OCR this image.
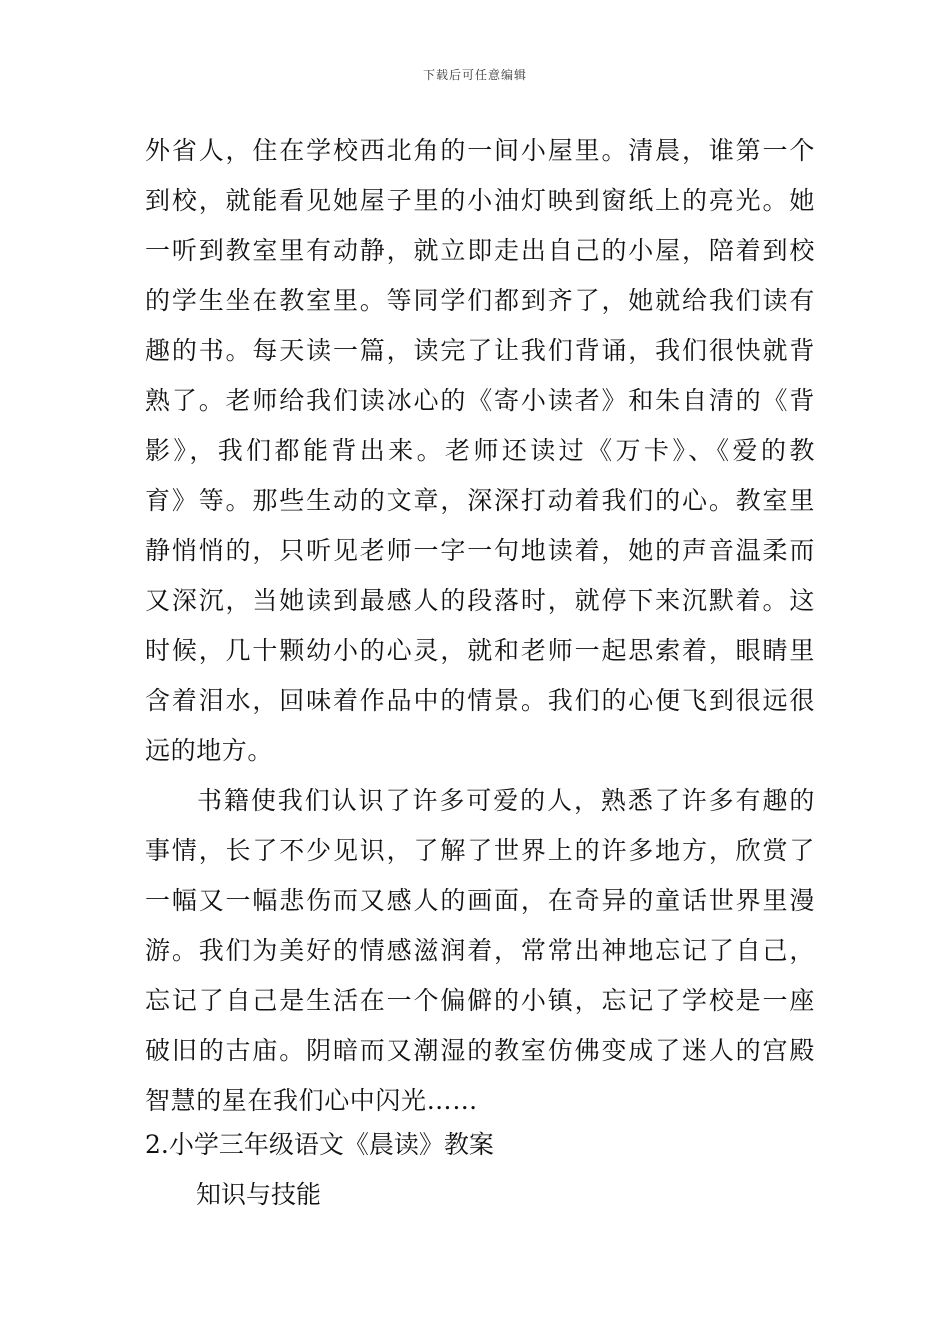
下载后可任意编辑
外省人，住在学校西北角的一间小屋里。清晨，谁第一个
到校，就能看见她屋子里的小油灯映到窗纸上的亮光。她
一听到教室里有动静，就立即走出自己的小屋，陪着到校
的学生坐在教室里。等同学们都到齐了，她就给我们读有
趣的书。每天读一篇，读完了让我们背诵，我们很快就背
熟了。老师给我们读冰心的《寄小读者》和朱自清的《背
影》，我们都能背出来。老师还读过《万卡》、《爱的教
育》等。那些生动的文章，深深打动着我们的心。教室里
静悄悄的，只听见老师一字一句地读着，她的声音温柔而
又深沉，当她读到最感人的段落时，就停下来沉默着。这
时候，几十颗幼小的心灵，就和老师一起思索着，眼睛里
含着泪水，回味着作品中的情景。我们的心便飞到很远很
远的地方。
书籍使我们认识了许多可爱的人，熟悉了许多有趣的
事情，长了不少见识，了解了世界上的许多地方，欣赏了
一幅又一幅悲伤而又感人的画面，在奇异的童话世界里漫
游。我们为美好的情感滋润着，常常出神地忘记了自己，
忘记了自己是生活在一个偏僻的小镇，忘记了学校是一座
破旧的古庙。阴暗而又潮湿的教室仿佛变成了迷人的宫殿
智慧的星在我们心中闪光……
2.小学三年级语文《晨读》教案
知识与技能
